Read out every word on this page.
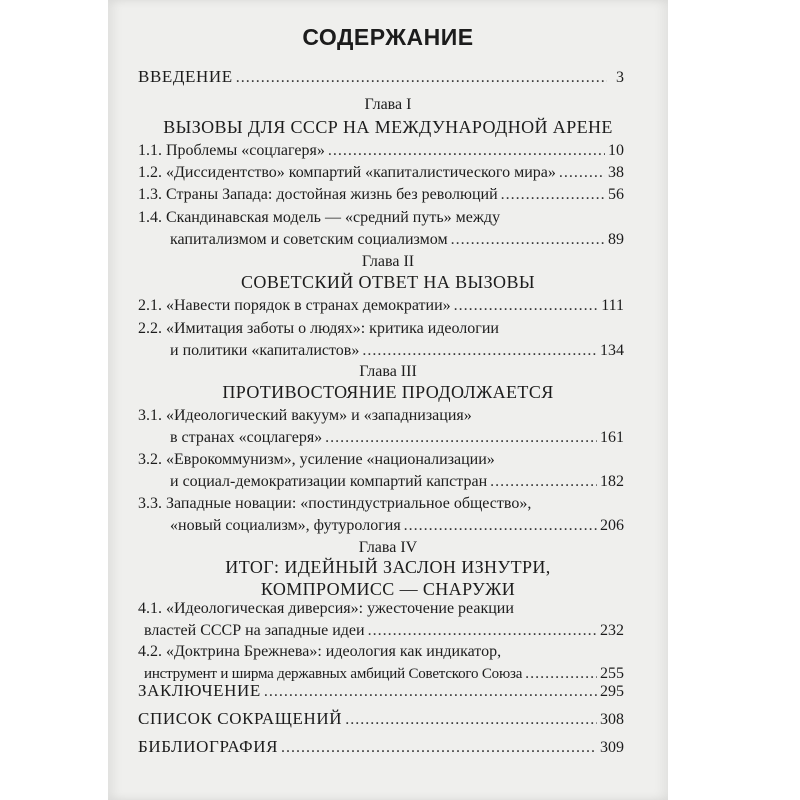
СОДЕРЖАНИЕ
ВВЕДЕНИЕ .....	3
Глава I
ВЫЗОВЫ ДЛЯ СССР НА МЕЖДУНАРОДНОЙ АРЕНЕ
1.1. Проблемы «соцлагеря» .....	10
1.2. «Диссидентство» компартий «капиталистического мира» .....	38
1.3. Страны Запада: достойная жизнь без революций .....	56
1.4. Скандинавская модель — «средний путь» между
капитализмом и советским социализмом .....	89
Глава II
СОВЕТСКИЙ ОТВЕТ НА ВЫЗОВЫ
2.1. «Навести порядок в странах демократии» .....	111
2.2. «Имитация заботы о людях»: критика идеологии
и политики «капиталистов» .....	134
Глава III
ПРОТИВОСТОЯНИЕ ПРОДОЛЖАЕТСЯ
3.1. «Идеологический вакуум» и «западнизация»
в странах «соцлагеря» .....	161
3.2. «Еврокоммунизм», усиление «национализации»
и социал-демократизации компартий капстран .....	182
3.3. Западные новации: «постиндустриальное общество»,
«новый социализм», футурология .....	206
Глава IV
ИТОГ: ИДЕЙНЫЙ ЗАСЛОН ИЗНУТРИ,
КОМПРОМИСС — СНАРУЖИ
4.1. «Идеологическая диверсия»: ужесточение реакции
властей СССР на западные идеи .....	232
4.2. «Доктрина Брежнева»: идеология как индикатор,
инструмент и ширма державных амбиций Советского Союза .....	255
ЗАКЛЮЧЕНИЕ .....	295
СПИСОК СОКРАЩЕНИЙ .....	308
БИБЛИОГРАФИЯ .....	309
